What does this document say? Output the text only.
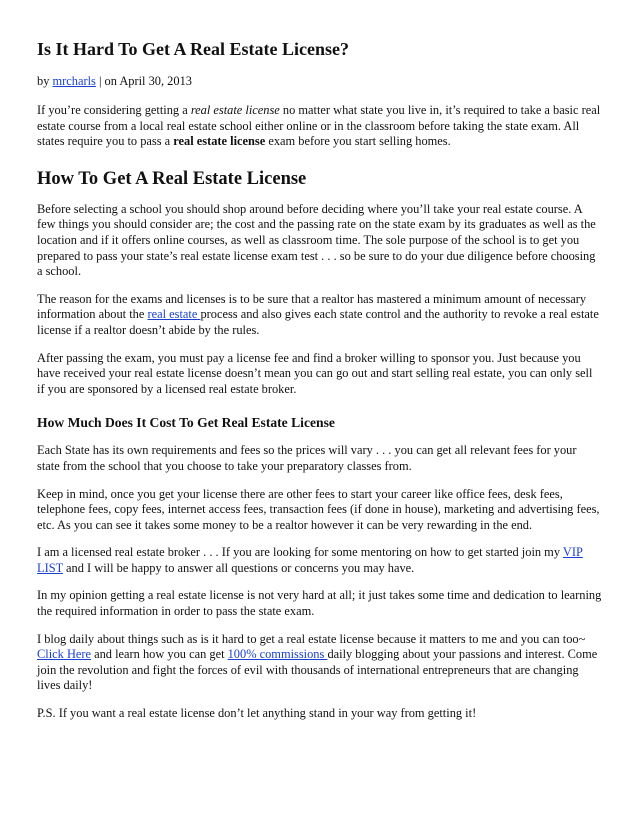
Is It Hard To Get A Real Estate License?
by mrcharls | on April 30, 2013

If you’re considering getting a real estate license no matter what state you live in, it’s required to take a basic real estate course from a local real estate school either online or in the classroom before taking the state exam. All states require you to pass a real estate license exam before you start selling homes.

How To Get A Real Estate License

Before selecting a school you should shop around before deciding where you’ll take your real estate course. A few things you should consider are; the cost and the passing rate on the state exam by its graduates as well as the location and if it offers online courses, as well as classroom time. The sole purpose of the school is to get you prepared to pass your state’s real estate license exam test . . . so be sure to do your due diligence before choosing a school.

The reason for the exams and licenses is to be sure that a realtor has mastered a minimum amount of necessary information about the real estate process and also gives each state control and the authority to revoke a real estate license if a realtor doesn’t abide by the rules.

After passing the exam, you must pay a license fee and find a broker willing to sponsor you. Just because you have received your real estate license doesn’t mean you can go out and start selling real estate, you can only sell if you are sponsored by a licensed real estate broker.

How Much Does It Cost To Get Real Estate License

Each State has its own requirements and fees so the prices will vary . . . you can get all relevant fees for your state from the school that you choose to take your preparatory classes from.

Keep in mind, once you get your license there are other fees to start your career like office fees, desk fees, telephone fees, copy fees, internet access fees, transaction fees (if done in house), marketing and advertising fees, etc. As you can see it takes some money to be a realtor however it can be very rewarding in the end.

I am a licensed real estate broker . . . If you are looking for some mentoring on how to get started join my VIP LIST and I will be happy to answer all questions or concerns you may have.

In my opinion getting a real estate license is not very hard at all; it just takes some time and dedication to learning the required information in order to pass the state exam.

I blog daily about things such as is it hard to get a real estate license because it matters to me and you can too~ Click Here and learn how you can get 100% commissions daily blogging about your passions and interest. Come join the revolution and fight the forces of evil with thousands of international entrepreneurs that are changing lives daily!

P.S. If you want a real estate license don’t let anything stand in your way from getting it!
